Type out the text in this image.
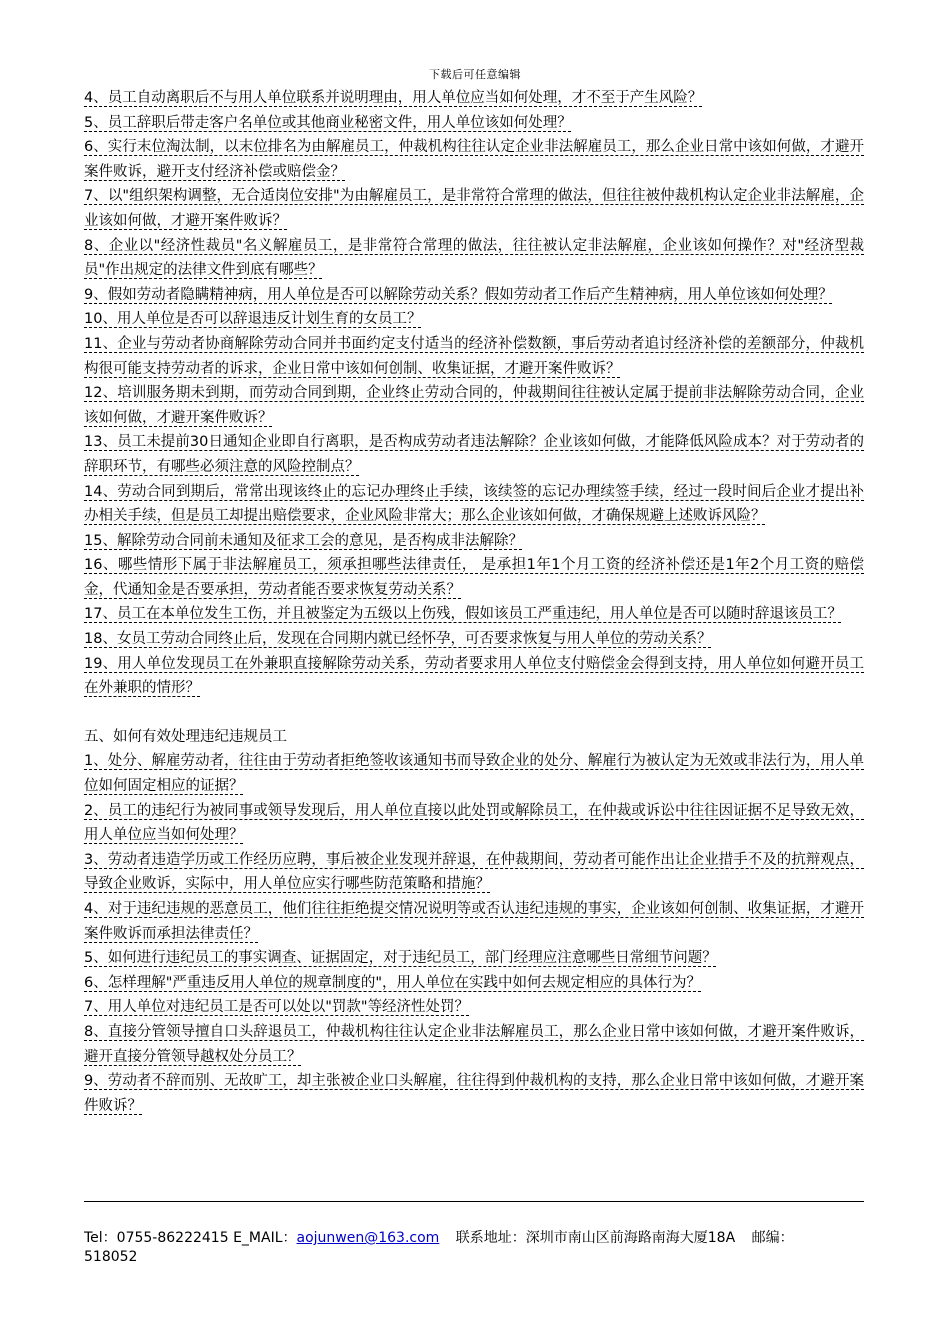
下载后可任意编辑

4、员工自动离职后不与用人单位联系并说明理由，用人单位应当如何处理，才不至于产生风险？

5、员工辞职后带走客户名单位或其他商业秘密文件，用人单位该如何处理？

6、实行末位淘汰制，以末位排名为由解雇员工，仲裁机构往往认定企业非法解雇员工，那么企业日常中该如何做，才避开案件败诉，避开支付经济补偿或赔偿金？

7、以"组织架构调整，无合适岗位安排"为由解雇员工，是非常符合常理的做法，但往往被仲裁机构认定企业非法解雇，企业该如何做，才避开案件败诉？

8、企业以"经济性裁员"名义解雇员工，是非常符合常理的做法，往往被认定非法解雇，企业该如何操作？对"经济型裁员"作出规定的法律文件到底有哪些？

9、假如劳动者隐瞒精神病，用人单位是否可以解除劳动关系？假如劳动者工作后产生精神病，用人单位该如何处理？

10、用人单位是否可以辞退违反计划生育的女员工？

11、企业与劳动者协商解除劳动合同并书面约定支付适当的经济补偿数额，事后劳动者追讨经济补偿的差额部分，仲裁机构很可能支持劳动者的诉求，企业日常中该如何创制、收集证据，才避开案件败诉？

12、培训服务期未到期，而劳动合同到期，企业终止劳动合同的，仲裁期间往往被认定属于提前非法解除劳动合同，企业该如何做，才避开案件败诉？

13、员工未提前30日通知企业即自行离职，是否构成劳动者违法解除？企业该如何做，才能降低风险成本？对于劳动者的辞职环节，有哪些必须注意的风险控制点？

14、劳动合同到期后，常常出现该终止的忘记办理终止手续，该续签的忘记办理续签手续，经过一段时间后企业才提出补办相关手续，但是员工却提出赔偿要求，企业风险非常大；那么企业该如何做，才确保规避上述败诉风险？

15、解除劳动合同前未通知及征求工会的意见，是否构成非法解除？

16、哪些情形下属于非法解雇员工，须承担哪些法律责任， 是承担1年1个月工资的经济补偿还是1年2个月工资的赔偿金，代通知金是否要承担，劳动者能否要求恢复劳动关系？

17、员工在本单位发生工伤，并且被鉴定为五级以上伤残，假如该员工严重违纪，用人单位是否可以随时辞退该员工？

18、女员工劳动合同终止后，发现在合同期内就已经怀孕，可否要求恢复与用人单位的劳动关系？

19、用人单位发现员工在外兼职直接解除劳动关系，劳动者要求用人单位支付赔偿金会得到支持，用人单位如何避开员工在外兼职的情形？

五、如何有效处理违纪违规员工

1、处分、解雇劳动者，往往由于劳动者拒绝签收该通知书而导致企业的处分、解雇行为被认定为无效或非法行为，用人单位如何固定相应的证据？

2、员工的违纪行为被同事或领导发现后，用人单位直接以此处罚或解除员工，在仲裁或诉讼中往往因证据不足导致无效，用人单位应当如何处理？

3、劳动者违造学历或工作经历应聘，事后被企业发现并辞退，在仲裁期间，劳动者可能作出让企业措手不及的抗辩观点，导致企业败诉，实际中，用人单位应实行哪些防范策略和措施？

4、对于违纪违规的恶意员工，他们往往拒绝提交情况说明等或否认违纪违规的事实，企业该如何创制、收集证据，才避开案件败诉而承担法律责任？

5、如何进行违纪员工的事实调查、证据固定，对于违纪员工，部门经理应注意哪些日常细节问题？

6、怎样理解"严重违反用人单位的规章制度的"，用人单位在实践中如何去规定相应的具体行为？

7、用人单位对违纪员工是否可以处以"罚款"等经济性处罚？

8、直接分管领导擅自口头辞退员工，仲裁机构往往认定企业非法解雇员工，那么企业日常中该如何做，才避开案件败诉，避开直接分管领导越权处分员工？

9、劳动者不辞而别、无故旷工，却主张被企业口头解雇，往往得到仲裁机构的支持，那么企业日常中该如何做，才避开案件败诉？

Tel：0755-86222415 E_MAIL：aojunwen@163.com 联系地址：深圳市南山区前海路南海大厦18A 邮编：
518052
